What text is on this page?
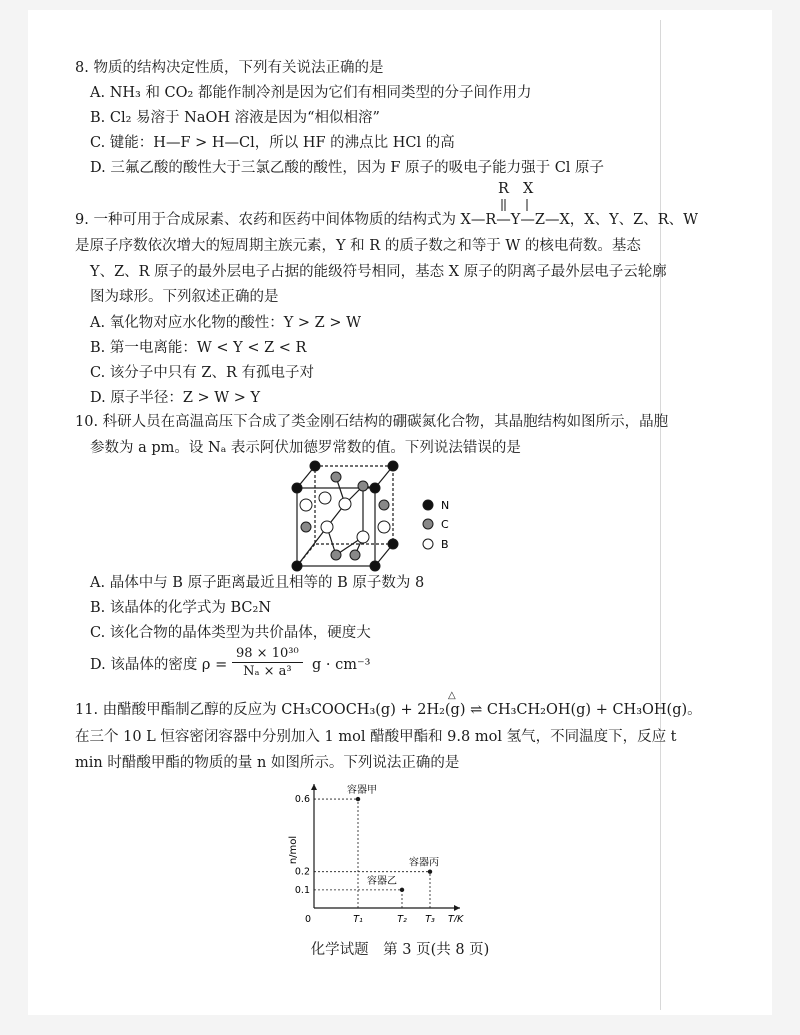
8. 物质的结构决定性质，下列有关说法正确的是
A. NH₃ 和 CO₂ 都能作制冷剂是因为它们有相同类型的分子间作用力
B. Cl₂ 易溶于 NaOH 溶液是因为“相似相溶”
C. 键能：H—F > H—Cl，所以 HF 的沸点比 HCl 的高
D. 三氟乙酸的酸性大于三氯乙酸的酸性，因为 F 原子的吸电子能力强于 Cl 原子
R X
9. 一种可用于合成尿素、农药和医药中间体物质的结构式为 X—R—Y—Z—X，X、Y、Z、R、W
是原子序数依次增大的短周期主族元素，Y 和 R 的质子数之和等于 W 的核电荷数。基态
Y、Z、R 原子的最外层电子占据的能级符号相同，基态 X 原子的阴离子最外层电子云轮廓
图为球形。下列叙述正确的是
A. 氧化物对应水化物的酸性：Y > Z > W
B. 第一电离能：W < Y < Z < R
C. 该分子中只有 Z、R 有孤电子对
D. 原子半径：Z > W > Y
10. 科研人员在高温高压下合成了类金刚石结构的硼碳氮化合物，其晶胞结构如图所示，晶胞
参数为 a pm。设 Nₐ 表示阿伏加德罗常数的值。下列说法错误的是
N
C
B
A. 晶体中与 B 原子距离最近且相等的 B 原子数为 8
B. 该晶体的化学式为 BC₂N
C. 该化合物的晶体类型为共价晶体，硬度大
D. 该晶体的密度 $\rho = \frac{\text{98 × 10³⁰}}{\text{Nₐ × a³}}$ g · cm⁻³
△
11. 由醋酸甲酯制乙醇的反应为 CH₃COOCH₃(g) + 2H₂(g) ⇌ CH₃CH₂OH(g) + CH₃OH(g)。
在三个 10 L 恒容密闭容器中分别加入 1 mol 醋酸甲酯和 9.8 mol 氢气，不同温度下，反应 t
min 时醋酸甲酯的物质的量 n 如图所示。下列说法正确的是
n/mol
T/K
0
0.1
0.2
0.6
T₁	T₂ T₃
容器甲
容器乙
容器丙
化学试题　第 3 页(共 8 页)
